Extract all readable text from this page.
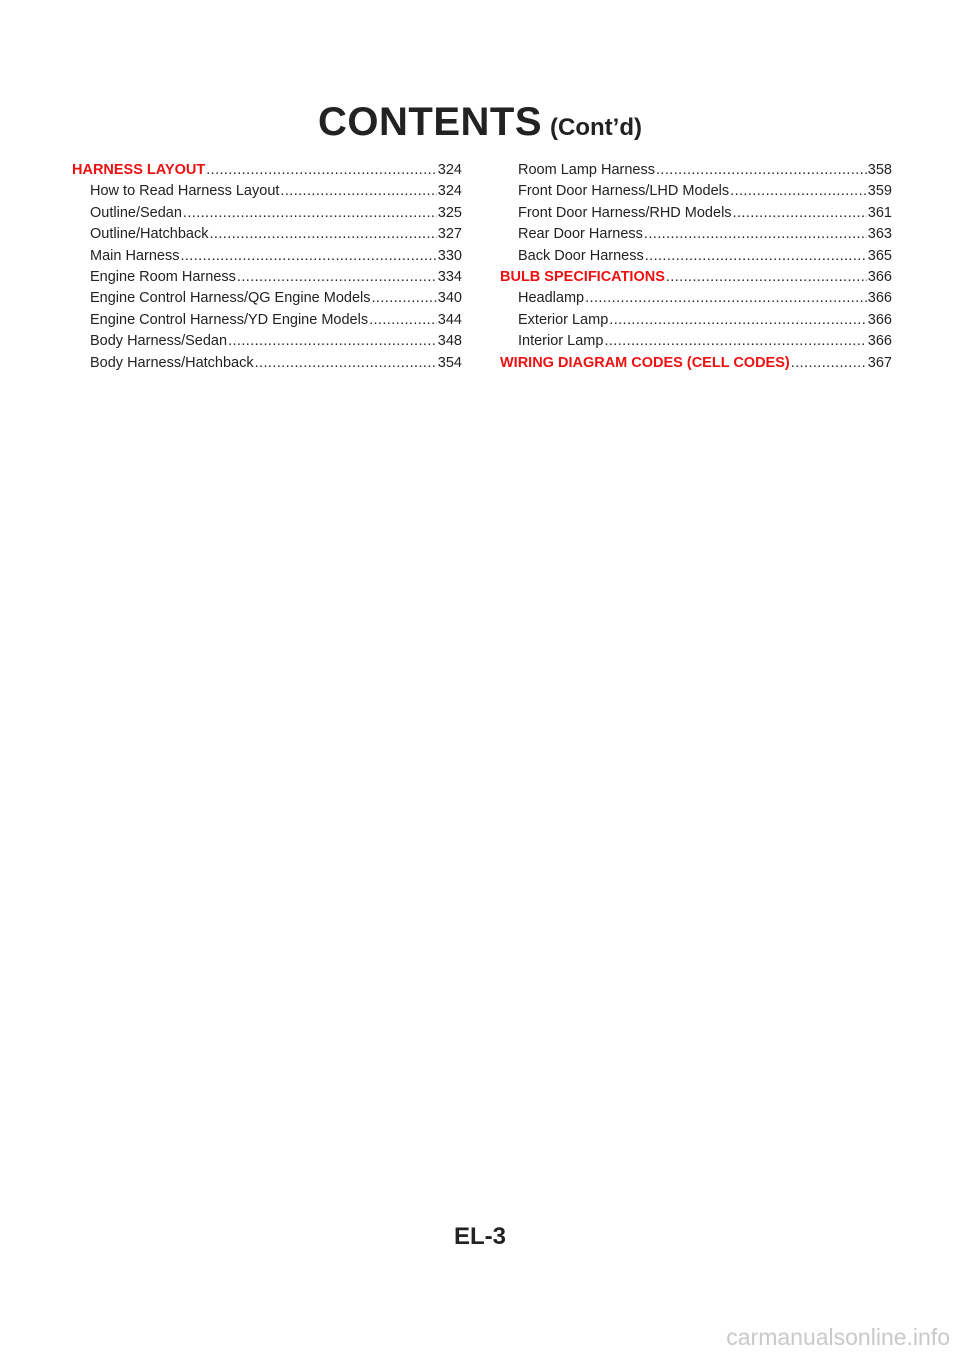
CONTENTS (Cont’d)
HARNESS LAYOUT .....	324
How to Read Harness Layout .....	324
Outline/Sedan .....	325
Outline/Hatchback .....	327
Main Harness .....	330
Engine Room Harness .....	334
Engine Control Harness/QG Engine Models .....	340
Engine Control Harness/YD Engine Models .....	344
Body Harness/Sedan .....	348
Body Harness/Hatchback .....	354
Room Lamp Harness .....	358
Front Door Harness/LHD Models .....	359
Front Door Harness/RHD Models .....	361
Rear Door Harness .....	363
Back Door Harness .....	365
BULB SPECIFICATIONS .....	366
Headlamp .....	366
Exterior Lamp .....	366
Interior Lamp .....	366
WIRING DIAGRAM CODES (CELL CODES) .....	367
EL-3
carmanualsonline.info
